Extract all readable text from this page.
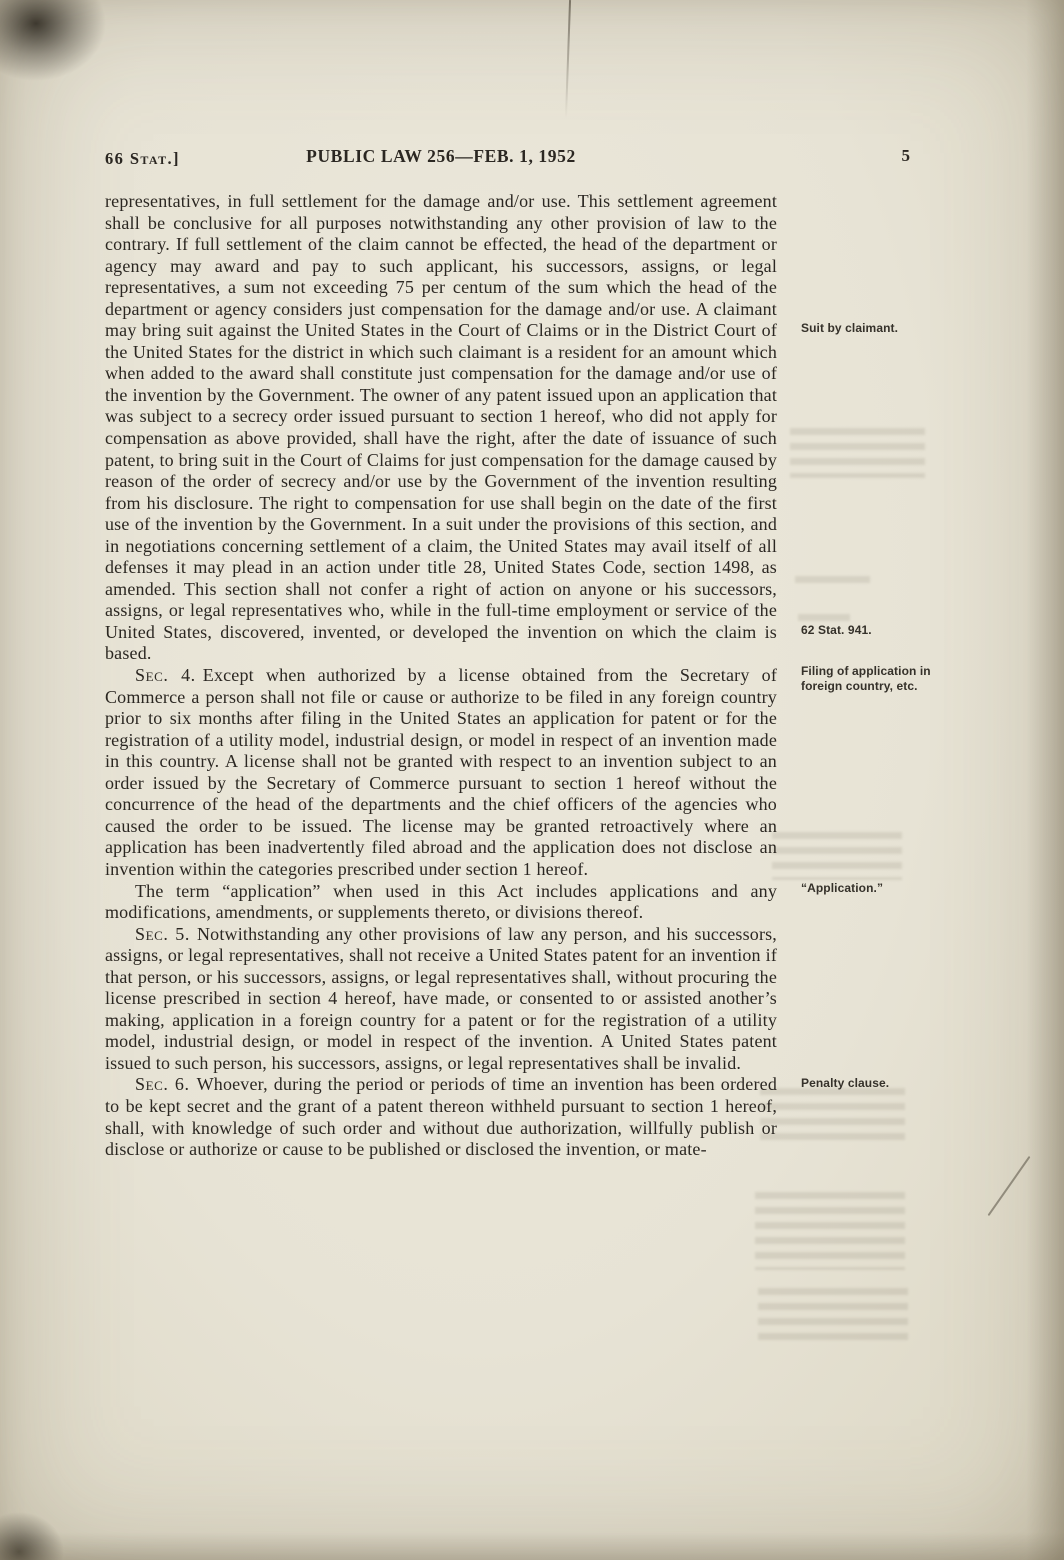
66 Stat.]	PUBLIC LAW 256—FEB. 1, 1952	5

representatives, in full settlement for the damage and/or use. This settlement agreement shall be conclusive for all purposes notwithstanding any other provision of law to the contrary. If full settlement of the claim cannot be effected, the head of the department or agency may award and pay to such applicant, his successors, assigns, or legal representatives, a sum not exceeding 75 per centum of the sum which the head of the department or agency considers just compensation for the damage and/or use. A claimant may bring suit against the United States in the Court of Claims or in the District Court of the United States for the district in which such claimant is a resident for an amount which when added to the award shall constitute just compensation for the damage and/or use of the invention by the Government. The owner of any patent issued upon an application that was subject to a secrecy order issued pursuant to section 1 hereof, who did not apply for compensation as above provided, shall have the right, after the date of issuance of such patent, to bring suit in the Court of Claims for just compensation for the damage caused by reason of the order of secrecy and/or use by the Government of the invention resulting from his disclosure. The right to compensation for use shall begin on the date of the first use of the invention by the Government. In a suit under the provisions of this section, and in negotiations concerning settlement of a claim, the United States may avail itself of all defenses it may plead in an action under title 28, United States Code, section 1498, as amended. This section shall not confer a right of action on anyone or his successors, assigns, or legal representatives who, while in the full-time employment or service of the United States, discovered, invented, or developed the invention on which the claim is based.
Suit by claimant.
62 Stat. 941.

Sec. 4. Except when authorized by a license obtained from the Secretary of Commerce a person shall not file or cause or authorize to be filed in any foreign country prior to six months after filing in the United States an application for patent or for the registration of a utility model, industrial design, or model in respect of an invention made in this country. A license shall not be granted with respect to an invention subject to an order issued by the Secretary of Commerce pursuant to section 1 hereof without the concurrence of the head of the departments and the chief officers of the agencies who caused the order to be issued. The license may be granted retroactively where an application has been inadvertently filed abroad and the application does not disclose an invention within the categories prescribed under section 1 hereof.
Filing of application in foreign country, etc.

The term “application” when used in this Act includes applications and any modifications, amendments, or supplements thereto, or divisions thereof.
“Application.”

Sec. 5. Notwithstanding any other provisions of law any person, and his successors, assigns, or legal representatives, shall not receive a United States patent for an invention if that person, or his successors, assigns, or legal representatives shall, without procuring the license prescribed in section 4 hereof, have made, or consented to or assisted another’s making, application in a foreign country for a patent or for the registration of a utility model, industrial design, or model in respect of the invention. A United States patent issued to such person, his successors, assigns, or legal representatives shall be invalid.

Sec. 6. Whoever, during the period or periods of time an invention has been ordered to be kept secret and the grant of a patent thereon withheld pursuant to section 1 hereof, shall, with knowledge of such order and without due authorization, willfully publish or disclose or authorize or cause to be published or disclosed the invention, or mate-
Penalty clause.
